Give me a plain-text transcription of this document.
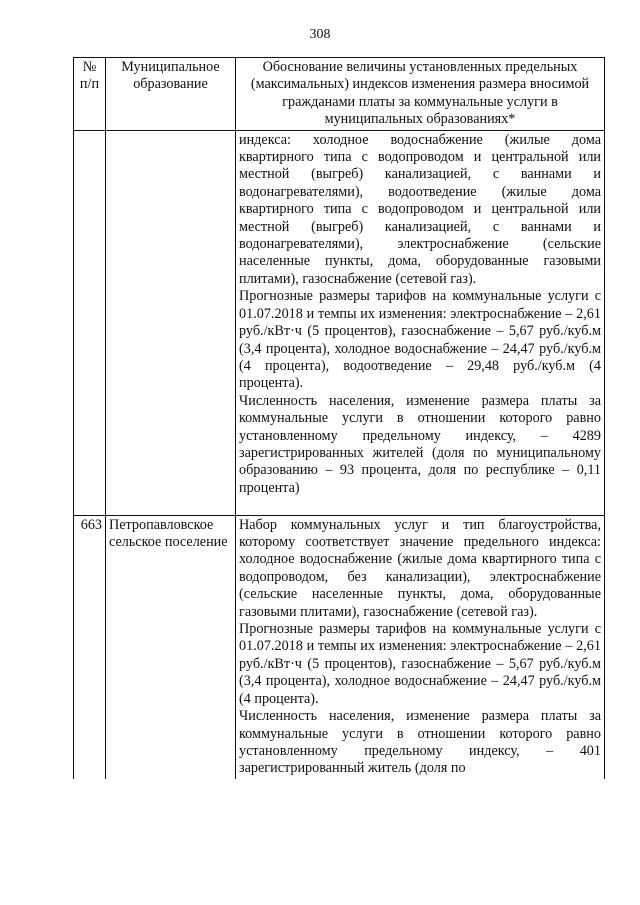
308
№ п/п	Муниципальное образование	Обоснование величины установленных предельных (максимальных) индексов изменения размера вносимой гражданами платы за коммунальные услуги в муниципальных образованиях*

		индекса: холодное водоснабжение (жилые дома квартирного типа с водопроводом и центральной или местной (выгреб) канализацией, с ваннами и водонагревателями), водоотведение (жилые дома квартирного типа с водопроводом и центральной или местной (выгреб) канализацией, с ваннами и водонагревателями), электроснабжение (сельские населенные пункты, дома, оборудованные газовыми плитами), газоснабжение (сетевой газ).

Прогнозные размеры тарифов на коммунальные услуги с 01.07.2018 и темпы их изменения: электроснабжение – 2,61 руб./кВт·ч (5 процентов), газоснабжение – 5,67 руб./куб.м (3,4 процента), холодное водоснабжение – 24,47 руб./куб.м (4 процента), водоотведение – 29,48 руб./куб.м (4 процента).

Численность населения, изменение размера платы за коммунальные услуги в отношении которого равно установленному предельному индексу, – 4289 зарегистрированных жителей (доля по муниципальному образованию – 93 процента, доля по республике – 0,11 процента)

663	Петропавловское сельское поселение	Набор коммунальных услуг и тип благоустройства, которому соответствует значение предельного индекса: холодное водоснабжение (жилые дома квартирного типа с водопроводом, без канализации), электроснабжение (сельские населенные пункты, дома, оборудованные газовыми плитами), газоснабжение (сетевой газ).

Прогнозные размеры тарифов на коммунальные услуги с 01.07.2018 и темпы их изменения: электроснабжение – 2,61 руб./кВт·ч (5 процентов), газоснабжение – 5,67 руб./куб.м (3,4 процента), холодное водоснабжение – 24,47 руб./куб.м (4 процента).

Численность населения, изменение размера платы за коммунальные услуги в отношении которого равно установленному предельному индексу, – 401 зарегистрированный житель (доля по
